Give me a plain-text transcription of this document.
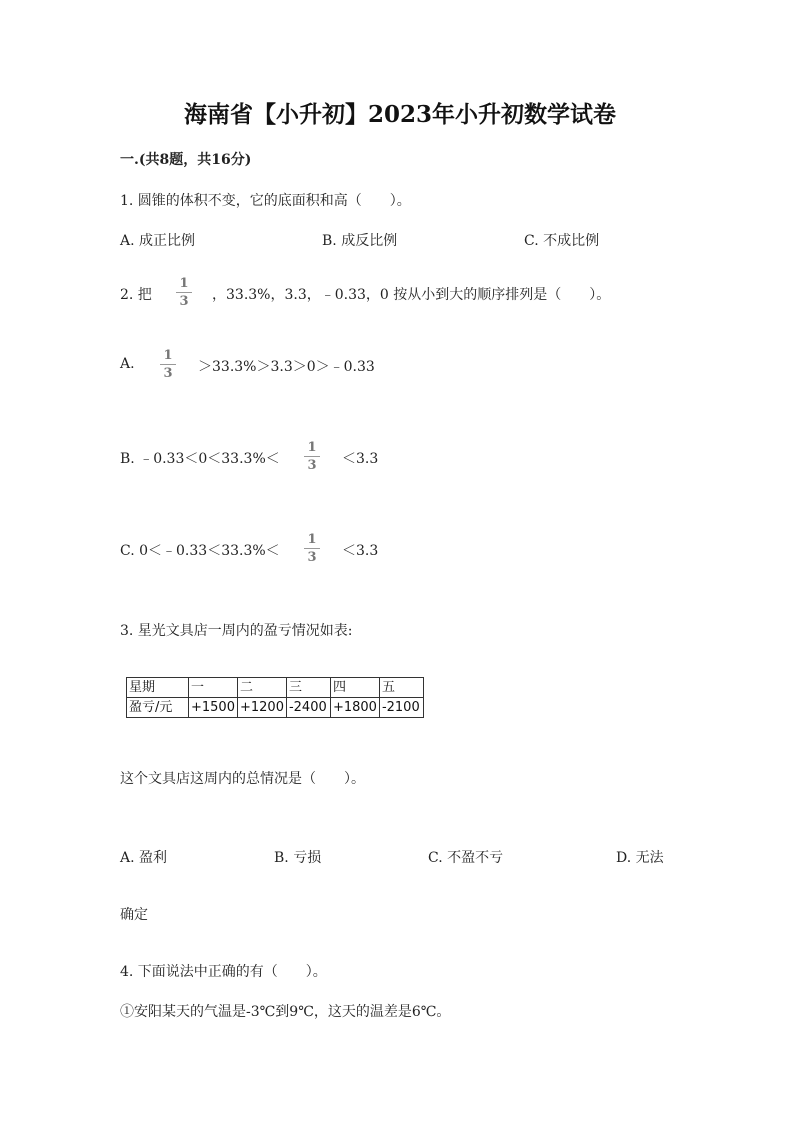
海南省【小升初】2023年小升初数学试卷
一.(共8题，共16分)
1. 圆锥的体积不变，它的底面积和高（　　）。
A. 成正比例	B. 成反比例	C. 不成比例
2. 把
1
3 ，33.3%，3.3，﹣0.33，0 按从小到大的顺序排列是（　　）。
A.
1
3 ＞33.3%＞3.3＞0＞﹣0.33
B. ﹣0.33＜0＜33.3%＜
1
3 ＜3.3
C. 0＜﹣0.33＜33.3%＜
1
3 ＜3.3
3. 星光文具店一周内的盈亏情况如表:
星期	一	二	三	四	五
盈亏/元	+1500	+1200	-2400	+1800	-2100
这个文具店这周内的总情况是（　　）。
A. 盈利	B. 亏损	C. 不盈不亏	D. 无法
确定
4. 下面说法中正确的有（　　）。
①安阳某天的气温是-3℃到9℃，这天的温差是6℃。
